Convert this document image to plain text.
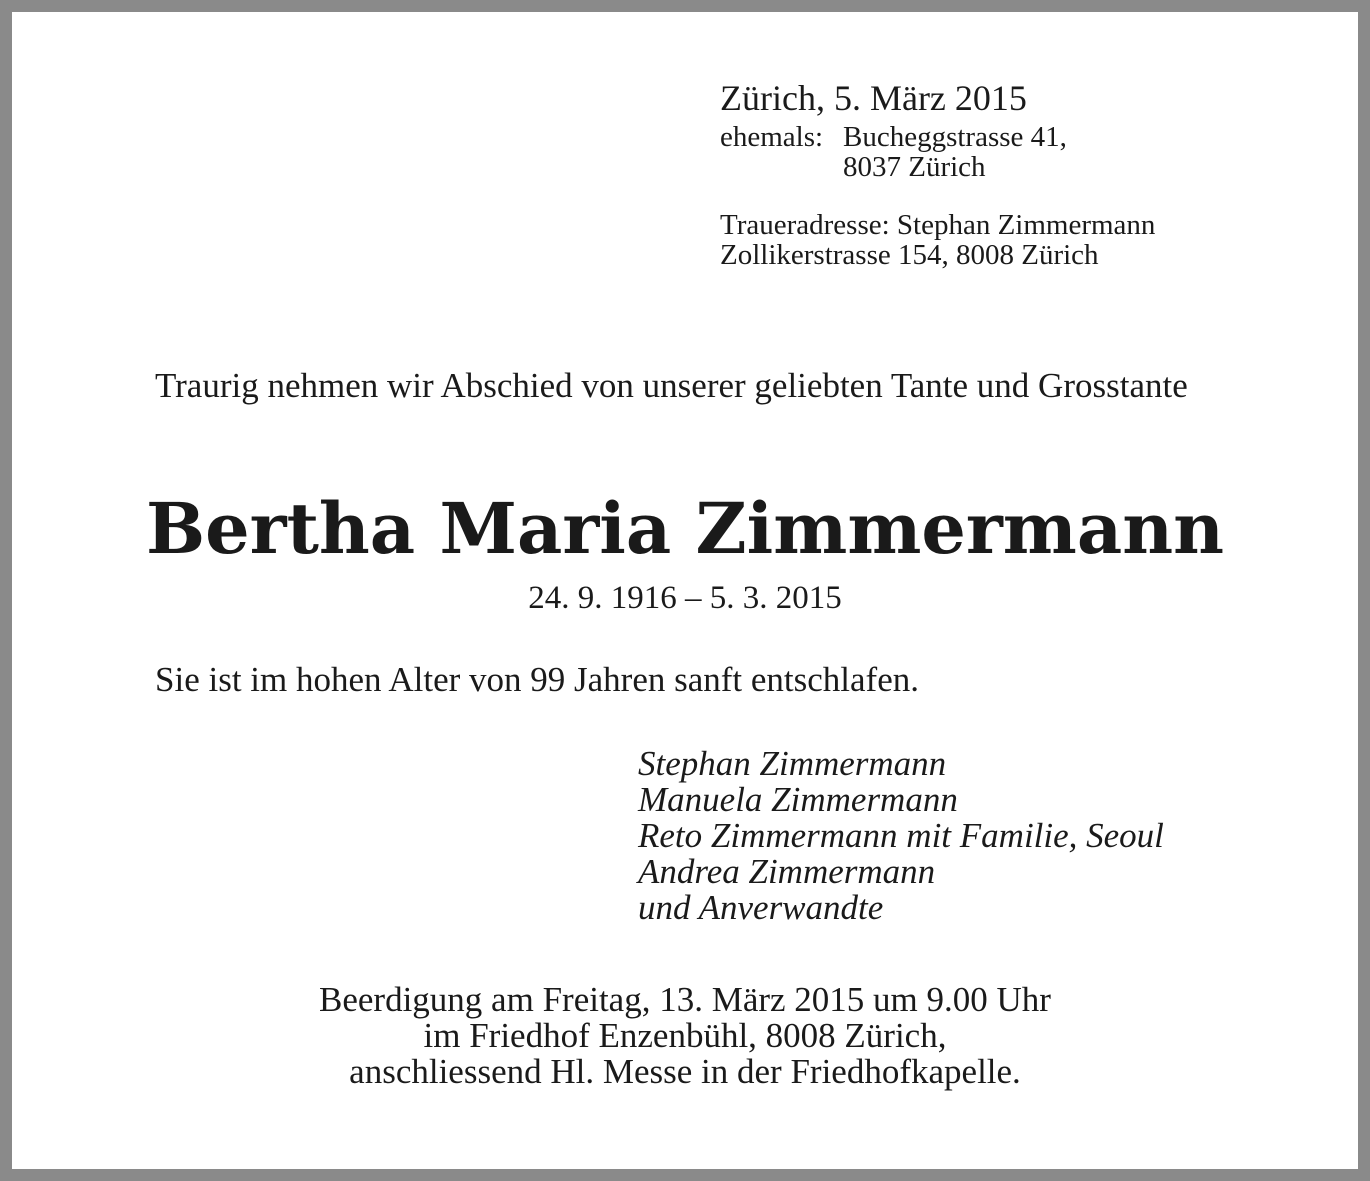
Zürich, 5. März 2015
ehemals: Bucheggstrasse 41,
8037 Zürich
Traueradresse: Stephan Zimmermann
Zollikerstrasse 154, 8008 Zürich
Traurig nehmen wir Abschied von unserer geliebten Tante und Grosstante
Bertha Maria Zimmermann
24. 9. 1916 – 5. 3. 2015
Sie ist im hohen Alter von 99 Jahren sanft entschlafen.
Stephan Zimmermann
Manuela Zimmermann
Reto Zimmermann mit Familie, Seoul
Andrea Zimmermann
und Anverwandte
Beerdigung am Freitag, 13. März 2015 um 9.00 Uhr
im Friedhof Enzenbühl, 8008 Zürich,
anschliessend Hl. Messe in der Friedhofkapelle.
